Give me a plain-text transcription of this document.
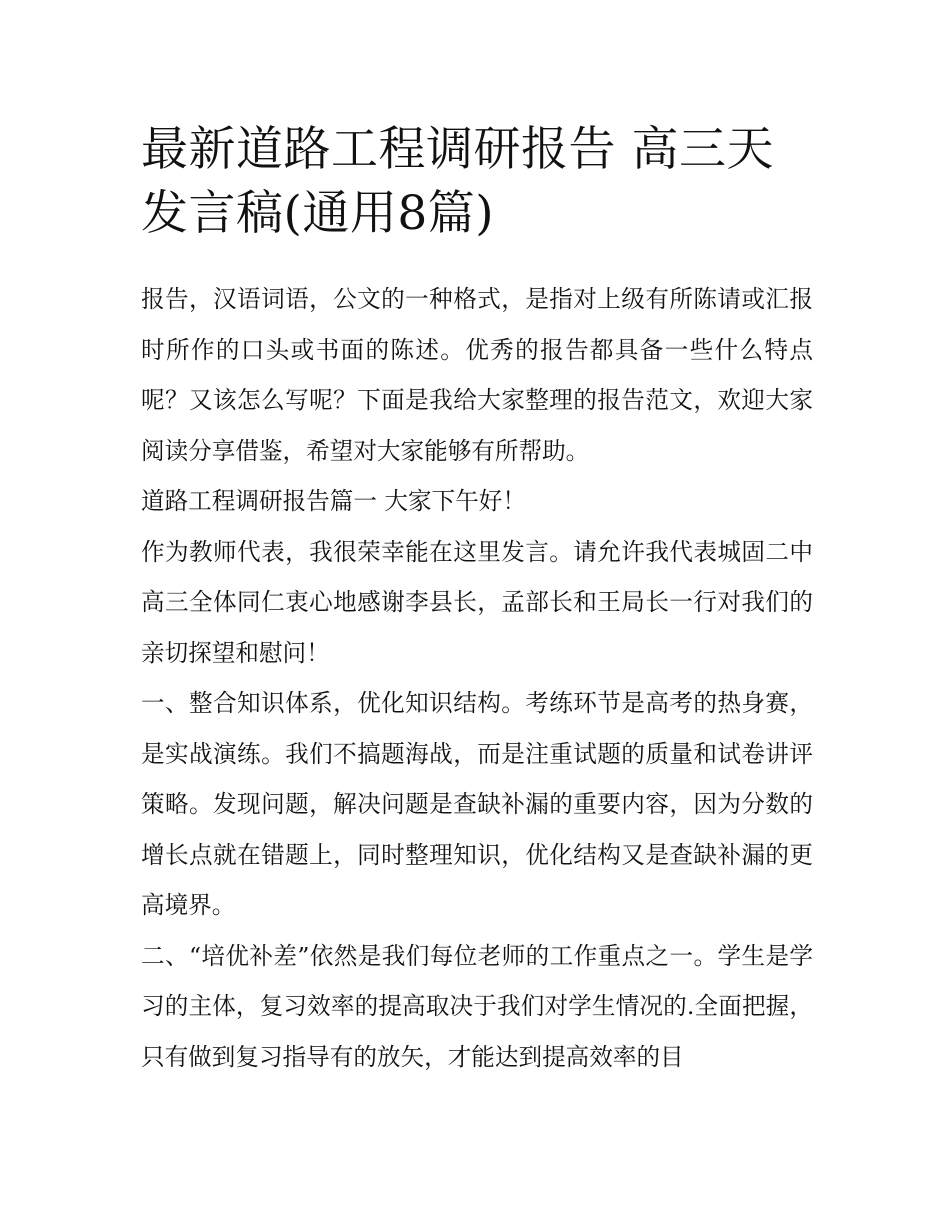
最新道路工程调研报告 高三天
发言稿(通用8篇)

报告，汉语词语，公文的一种格式，是指对上级有所陈请或汇报时所作的口头或书面的陈述。优秀的报告都具备一些什么特点呢？又该怎么写呢？下面是我给大家整理的报告范文，欢迎大家阅读分享借鉴，希望对大家能够有所帮助。

道路工程调研报告篇一 大家下午好！

作为教师代表，我很荣幸能在这里发言。请允许我代表城固二中高三全体同仁衷心地感谢李县长，孟部长和王局长一行对我们的亲切探望和慰问！

一、整合知识体系，优化知识结构。考练环节是高考的热身赛，是实战演练。我们不搞题海战，而是注重试题的质量和试卷讲评策略。发现问题，解决问题是查缺补漏的重要内容，因为分数的增长点就在错题上，同时整理知识，优化结构又是查缺补漏的更高境界。

二、“培优补差”依然是我们每位老师的工作重点之一。学生是学习的主体，复习效率的提高取决于我们对学生情况的.全面把握，只有做到复习指导有的放矢，才能达到提高效率的目
